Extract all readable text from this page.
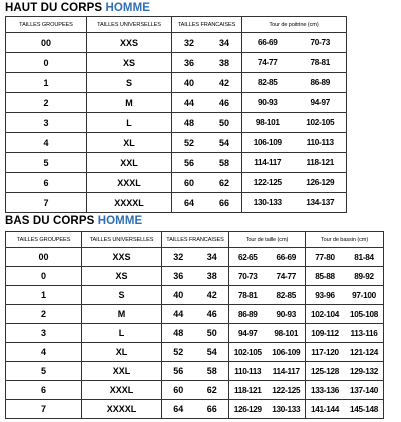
HAUT DU CORPS HOMME
TAILLES GROUPEES	TAILLES UNIVERSELLES	TAILLES FRANCAISES	Tour de poitrine (cm)
00	XXS	32 34	66-69 70-73

0	XS	36 38	74-77 78-81

1	S	40 42	82-85 86-89

2	M	44 46	90-93 94-97

3	L	48 50	98-101 102-105

4	XL	52 54	106-109 110-113

5	XXL	56 58	114-117 118-121

6	XXXL	60 62	122-125 126-129

7	XXXXL	64 66	130-133 134-137
BAS DU CORPS HOMME
TAILLES GROUPEES	TAILLES UNIVERSELLES	TAILLES FRANCAISES	Tour de taille (cm)	Tour de bassin (cm)
00	XXS	32 34	62-65 66-69	77-80 81-84

0	XS	36 38	70-73 74-77	85-88 89-92

1	S	40 42	78-81 82-85	93-96 97-100

2	M	44 46	86-89 90-93	102-104 105-108

3	L	48 50	94-97 98-101	109-112 113-116

4	XL	52 54	102-105 106-109	117-120 121-124

5	XXL	56 58	110-113 114-117	125-128 129-132

6	XXXL	60 62	118-121 122-125	133-136 137-140

7	XXXXL	64 66	126-129 130-133	141-144 145-148
